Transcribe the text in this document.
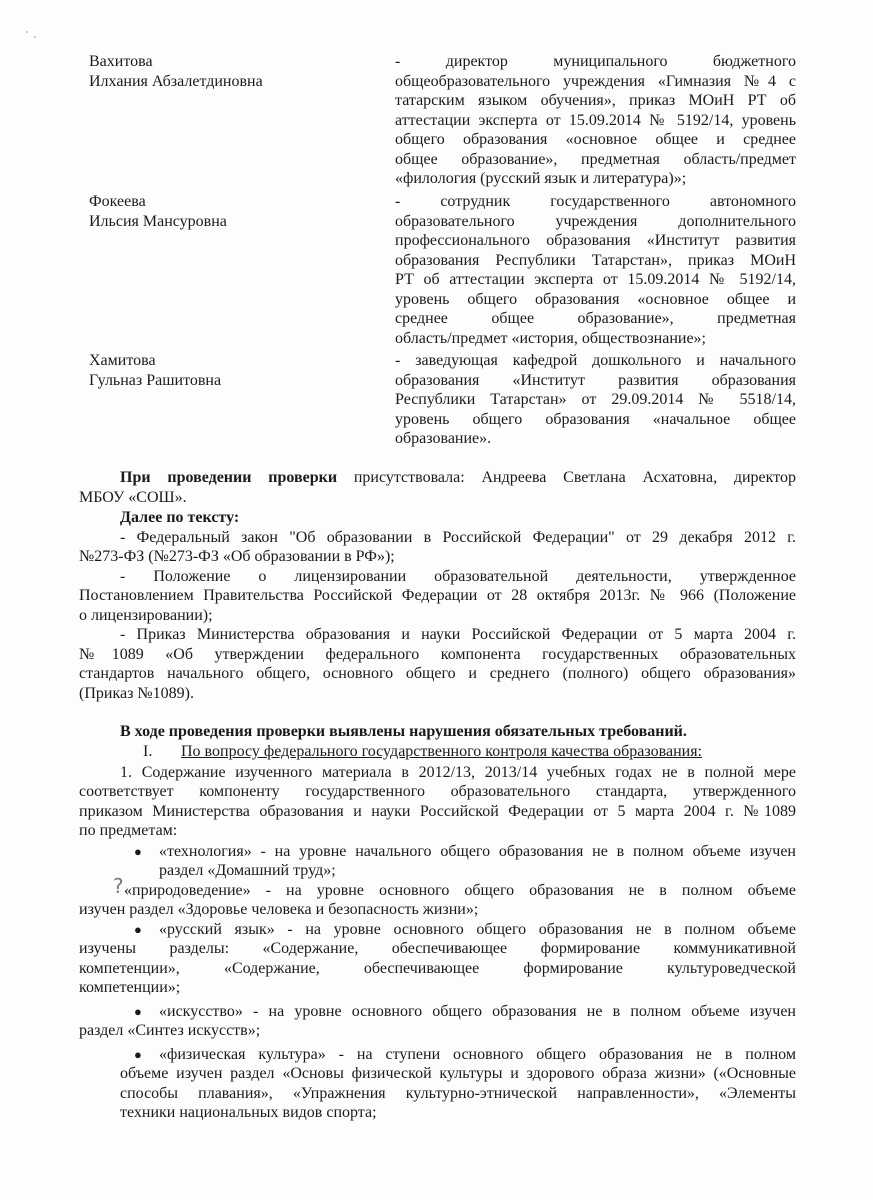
Вахитова
Илхания Абзалетдиновна
- директор муниципального бюджетного
общеобразовательного учреждения «Гимназия №4 с
татарским языком обучения», приказ МОиН РТ об
аттестации эксперта от 15.09.2014 № 5192/14, уровень
общего образования «основное общее и среднее
общее образование», предметная область/предмет
«филология (русский язык и литература)»;
Фокеева
Ильсия Мансуровна
- сотрудник государственного автономного
образовательного учреждения дополнительного
профессионального образования «Институт развития
образования Республики Татарстан», приказ МОиН
РТ об аттестации эксперта от 15.09.2014 № 5192/14,
уровень общего образования «основное общее и
среднее общее образование», предметная
область/предмет «история, обществознание»;
Хамитова
Гульназ Рашитовна
- заведующая кафедрой дошкольного и начального
образования «Институт развития образования
Республики Татарстан» от 29.09.2014 № 5518/14,
уровень общего образования «начальное общее
образование».
При проведении проверки присутствовала: Андреева Светлана Асхатовна, директор
МБОУ «СОШ».
Далее по тексту:
- Федеральный закон "Об образовании в Российской Федерации" от 29 декабря 2012 г.
№273-ФЗ (№273-ФЗ «Об образовании в РФ»);
- Положение о лицензировании образовательной деятельности, утвержденное
Постановлением Правительства Российской Федерации от 28 октября 2013г. № 966 (Положение
о лицензировании);
- Приказ Министерства образования и науки Российской Федерации от 5 марта 2004 г.
№1089 «Об утверждении федерального компонента государственных образовательных
стандартов начального общего, основного общего и среднего (полного) общего образования»
(Приказ №1089).
В ходе проведения проверки выявлены нарушения обязательных требований.
I. По вопросу федерального государственного контроля качества образования:
1. Содержание изученного материала в 2012/13, 2013/14 учебных годах не в полной мере
соответствует компоненту государственного образовательного стандарта, утвержденного
приказом Министерства образования и науки Российской Федерации от 5 марта 2004 г. №1089
по предметам:
● «технология» - на уровне начального общего образования не в полном объеме изучен
раздел «Домашний труд»;
? «природоведение» - на уровне основного общего образования не в полном объеме
изучен раздел «Здоровье человека и безопасность жизни»;
● «русский язык» - на уровне основного общего образования не в полном объеме
изучены разделы: «Содержание, обеспечивающее формирование коммуникативной
компетенции», «Содержание, обеспечивающее формирование культуроведческой
компетенции»;
● «искусство» - на уровне основного общего образования не в полном объеме изучен
раздел «Синтез искусств»;
● «физическая культура» - на ступени основного общего образования не в полном
объеме изучен раздел «Основы физической культуры и здорового образа жизни» («Основные
способы плавания», «Упражнения культурно-этнической направленности», «Элементы
техники национальных видов спорта;
